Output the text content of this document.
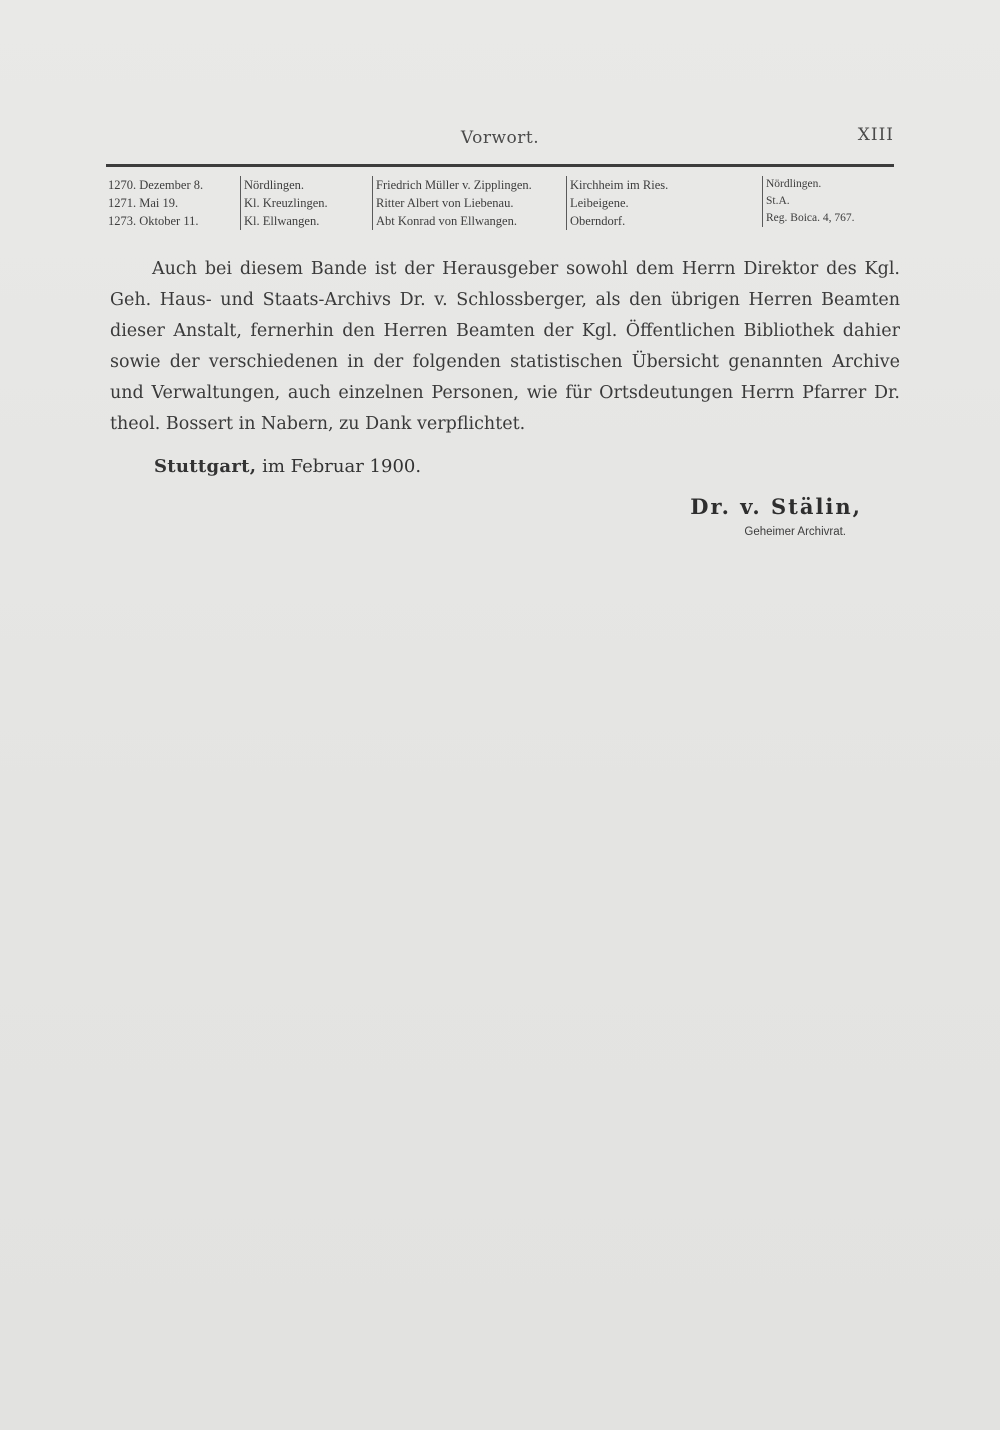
Vorwort.	XIII
1270. Dezember 8.
1271. Mai 19.
1273. Oktober 11.
Nördlingen.
Kl. Kreuzlingen.
Kl. Ellwangen.
Friedrich Müller v. Zipplingen.
Ritter Albert von Liebenau.
Abt Konrad von Ellwangen.
Kirchheim im Ries.
Leibeigene.
Oberndorf.
Nördlingen.
St.A.
Reg. Boica. 4, 767.

Auch bei diesem Bande ist der Herausgeber sowohl dem Herrn Direktor des Kgl. Geh. Haus- und Staats-Archivs Dr. v. Schlossberger, als den übrigen Herren Beamten dieser Anstalt, fernerhin den Herren Beamten der Kgl. Öffentlichen Bibliothek dahier sowie der verschiedenen in der folgenden statistischen Übersicht genannten Archive und Verwaltungen, auch einzelnen Personen, wie für Ortsdeutungen Herrn Pfarrer Dr. theol. Bossert in Nabern, zu Dank verpflichtet.

Stuttgart, im Februar 1900.
Dr. v. Stälin,
Geheimer Archivrat.
